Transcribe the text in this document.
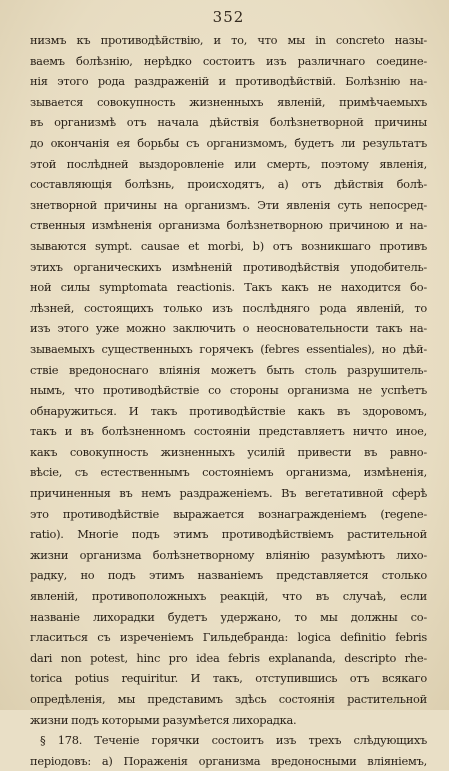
352
низмъ къ противодѣйствію, и то, что мы in concreto назы-
ваемъ болѣзнію, нерѣдко состоитъ изъ различнаго соедине-
нія этого рода раздраженій и противодѣйствій. Болѣзнію на-
зывается совокупность жизненныхъ явленій, примѣчаемыхъ
въ организмѣ отъ начала дѣйствія болѣзнетворной причины
до окончанія ея борьбы съ организмомъ, будетъ ли результатъ
этой послѣдней выздоровленіе или смерть, поэтому явленія,
составляющія болѣзнь, происходятъ, а) отъ дѣйствія болѣ-
знетворной причины на организмъ. Эти явленія суть непосред-
ственныя измѣненія организма болѣзнетворною причиною и на-
зываются sympt. causae et morbi, b) отъ возникшаго противъ
этихъ органическихъ измѣненій противодѣйствія уподобитель-
ной силы symptomata reactionis. Такъ какъ не находится бо-
лѣзней, состоящихъ только изъ послѣдняго рода явленій, то
изъ этого уже можно заключить о неосновательности такъ на-
зываемыхъ существенныхъ горячекъ (febres essentiales), но дѣй-
ствіе вредоноснаго вліянія можетъ быть столь разрушитель-
нымъ, что противодѣйствіе со стороны организма не успѣетъ
обнаружиться. И такъ противодѣйствіе какъ въ здоровомъ,
такъ и въ болѣзненномъ состояніи представляетъ ничто иное,
какъ совокупность жизненныхъ усилій привести въ равно-
вѣсіе, съ естественнымъ состояніемъ организма, измѣненія,
причиненныя въ немъ раздраженіемъ. Въ вегетативной сферѣ
это противодѣйствіе выражается вознагражденіемъ (regene-
ratio). Многіе подъ этимъ противодѣйствіемъ растительной
жизни организма болѣзнетворному вліянію разумѣютъ лихо-
радку, но подъ этимъ названіемъ представляется столько
явленій, противоположныхъ реакцій, что въ случаѣ, если
названіе лихорадки будетъ удержано, то мы должны со-
гласиться съ изреченіемъ Гильдебранда: logica definitio febris
dari non potest, hinc pro idea febris explananda, descripto rhe-
torica potius requiritur. И такъ, отступившись отъ всякаго
опредѣленія, мы представимъ здѣсь состоянія растительной
жизни подъ которыми разумѣется лихорадка.
§ 178. Теченіе горячки состоитъ изъ трехъ слѣдующихъ
періодовъ: а) Пораженія организма вредоносными вліяніемъ,
